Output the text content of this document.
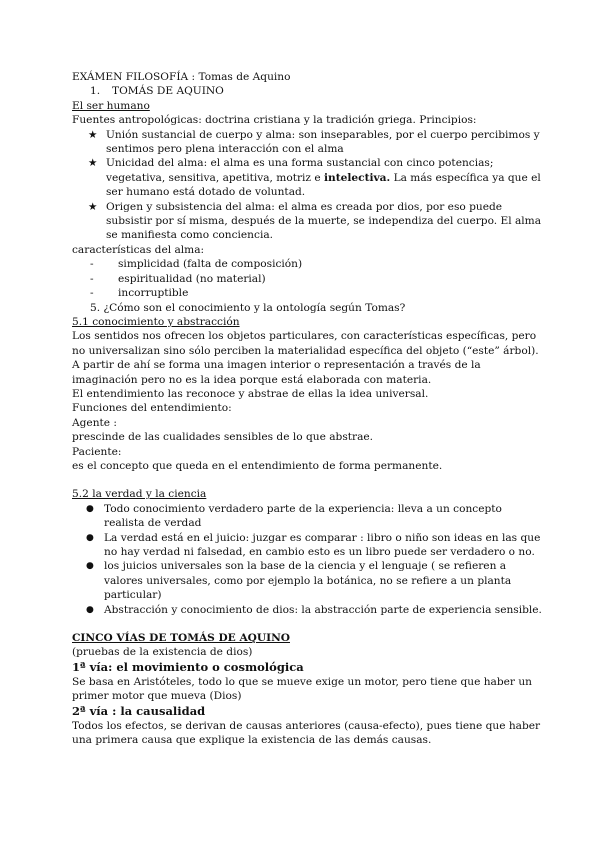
EXÁMEN FILOSOFÍA : Tomas de Aquino
1.	TOMÁS DE AQUINO
El ser humano
Fuentes antropológicas: doctrina cristiana y la tradición griega. Principios:
★ Unión sustancial de cuerpo y alma: son inseparables, por el cuerpo percibimos y sentimos pero plena interacción con el alma
★ Unicidad del alma: el alma es una forma sustancial con cinco potencias; vegetativa, sensitiva, apetitiva, motriz e intelectiva. La más específica ya que el ser humano está dotado de voluntad.
★ Origen y subsistencia del alma: el alma es creada por dios, por eso puede subsistir por sí misma, después de la muerte, se independiza del cuerpo. El alma se manifiesta como conciencia.
características del alma:
-	simplicidad (falta de composición)
-	espiritualidad (no material)
-	incorruptible
5. ¿Cómo son el conocimiento y la ontología según Tomas?
5.1 conocimiento y abstracción
Los sentidos nos ofrecen los objetos particulares, con características específicas, pero no universalizan sino sólo perciben la materialidad específica del objeto (“este” árbol).
A partir de ahí se forma una imagen interior o representación a través de la imaginación pero no es la idea porque está elaborada con materia.
El entendimiento las reconoce y abstrae de ellas la idea universal.
Funciones del entendimiento:
Agente :
prescinde de las cualidades sensibles de lo que abstrae.
Paciente:
es el concepto que queda en el entendimiento de forma permanente.
5.2 la verdad y la ciencia
● Todo conocimiento verdadero parte de la experiencia: lleva a un concepto realista de verdad
● La verdad está en el juicio: juzgar es comparar : libro o niño son ideas en las que no hay verdad ni falsedad, en cambio esto es un libro puede ser verdadero o no.
● los juicios universales son la base de la ciencia y el lenguaje ( se refieren a valores universales, como por ejemplo la botánica, no se refiere a un planta particular)
● Abstracción y conocimiento de dios: la abstracción parte de experiencia sensible.
CINCO VÍAS DE TOMÁS DE AQUINO
(pruebas de la existencia de dios)
1ª vía: el movimiento o cosmológica
Se basa en Aristóteles, todo lo que se mueve exige un motor, pero tiene que haber un primer motor que mueva (Dios)
2ª vía : la causalidad
Todos los efectos, se derivan de causas anteriores (causa-efecto), pues tiene que haber una primera causa que explique la existencia de las demás causas.
